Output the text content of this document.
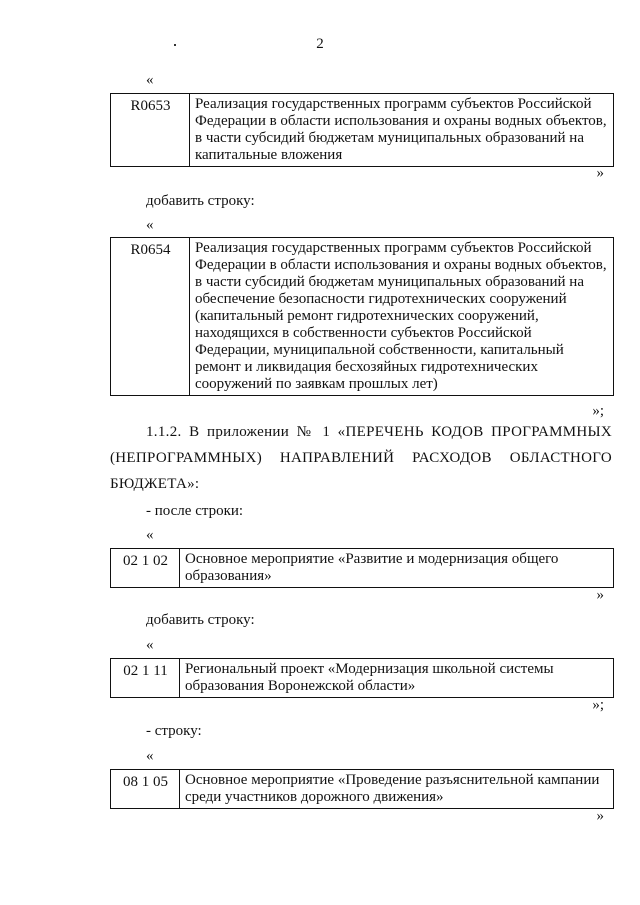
2
«
R0653	Реализация государственных программ субъектов Российской Федерации в области использования и охраны водных объектов, в части субсидий бюджетам муниципальных образований на капитальные вложения
»
добавить строку:
«
R0654	Реализация государственных программ субъектов Российской Федерации в области использования и охраны водных объектов, в части субсидий бюджетам муниципальных образований на обеспечение безопасности гидротехнических сооружений (капитальный ремонт гидротехнических сооружений, находящихся в собственности субъектов Российской Федерации, муниципальной собственности, капитальный ремонт и ликвидация бесхозяйных гидротехнических сооружений по заявкам прошлых лет)
»;
1.1.2. В приложении № 1 «ПЕРЕЧЕНЬ КОДОВ ПРОГРАММНЫХ (НЕПРОГРАММНЫХ) НАПРАВЛЕНИЙ РАСХОДОВ ОБЛАСТНОГО БЮДЖЕТА»:
- после строки:
«
02 1 02	Основное мероприятие «Развитие и модернизация общего образования»
»
добавить строку:
«
02 1 11	Региональный проект «Модернизация школьной системы образования Воронежской области»
»;
- строку:
«
08 1 05	Основное мероприятие «Проведение разъяснительной кампании среди участников дорожного движения»
»
